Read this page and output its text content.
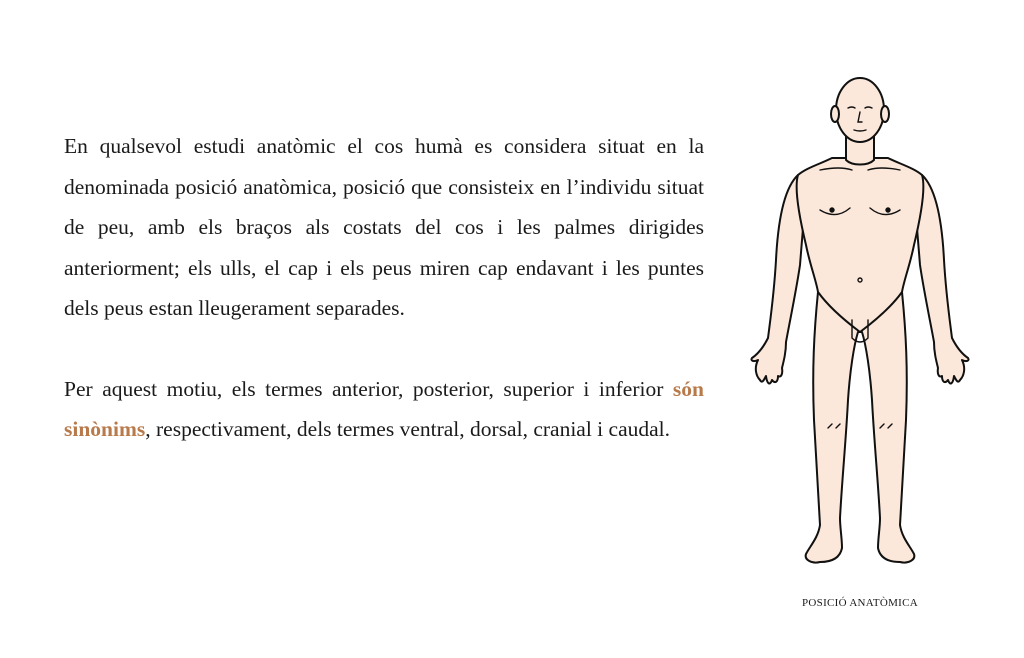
En qualsevol estudi anatòmic el cos humà es considera situat en la denominada posició anatòmica, posició que consisteix en l’individu situat de peu, amb els braços als costats del cos i les palmes dirigides anteriorment; els ulls, el cap i els peus miren cap endavant i les puntes dels peus estan lleugerament separades.

Per aquest motiu, els termes anterior, posterior, superior i inferior són sinònims, respectivament, dels termes ventral, dorsal, cranial i caudal.

POSICIÓ ANATÒMICA
